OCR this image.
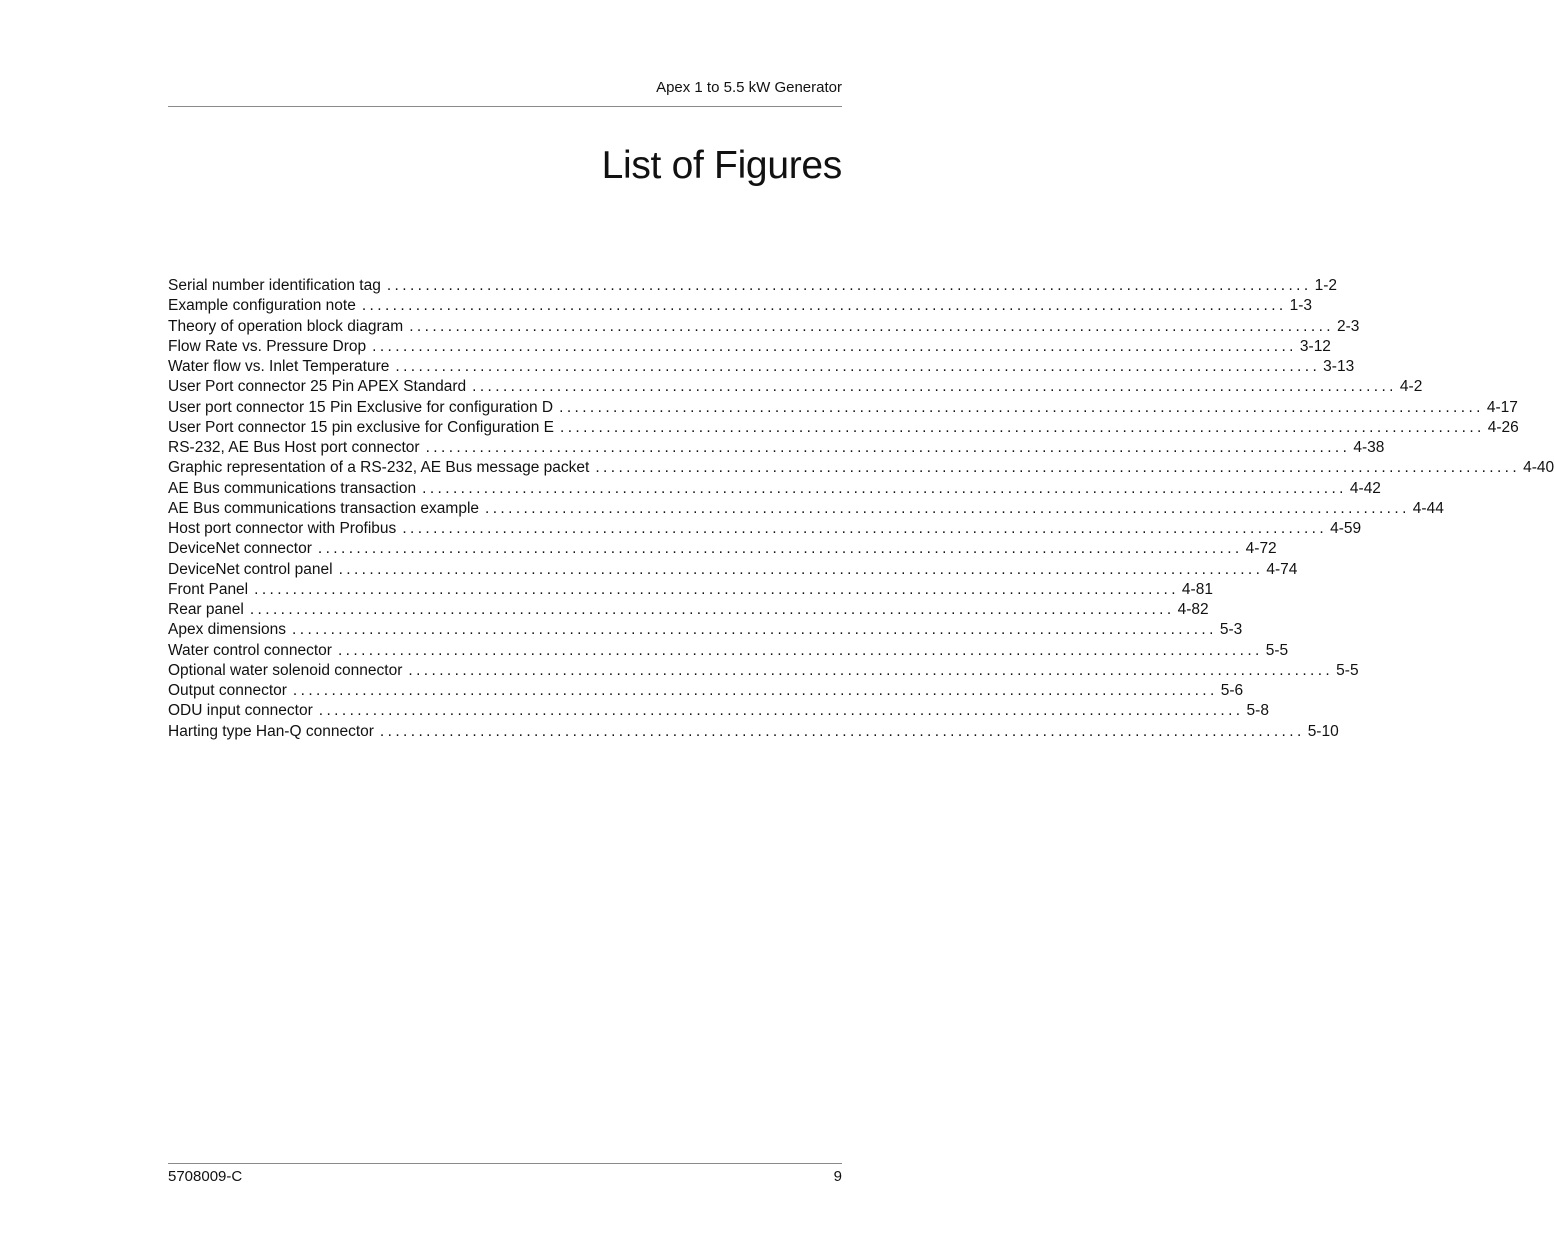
Apex 1 to 5.5 kW Generator
List of Figures
Serial number identification tag ........................................................................................................................ 1-2
Example configuration note ........................................................................................................................ 1-3
Theory of operation block diagram ........................................................................................................................ 2-3
Flow Rate vs. Pressure Drop ........................................................................................................................ 3-12
Water flow vs. Inlet Temperature ........................................................................................................................ 3-13
User Port connector 25 Pin APEX Standard ........................................................................................................................ 4-2
User port connector 15 Pin Exclusive for configuration D ........................................................................................................................ 4-17
User Port connector 15 pin exclusive for Configuration E ........................................................................................................................ 4-26
RS-232, AE Bus Host port connector ........................................................................................................................ 4-38
Graphic representation of a RS-232, AE Bus message packet ........................................................................................................................ 4-40
AE Bus communications transaction ........................................................................................................................ 4-42
AE Bus communications transaction example ........................................................................................................................ 4-44
Host port connector with Profibus ........................................................................................................................ 4-59
DeviceNet connector ........................................................................................................................ 4-72
DeviceNet control panel ........................................................................................................................ 4-74
Front Panel ........................................................................................................................ 4-81
Rear panel ........................................................................................................................ 4-82
Apex dimensions ........................................................................................................................ 5-3
Water control connector ........................................................................................................................ 5-5
Optional water solenoid connector ........................................................................................................................ 5-5
Output connector ........................................................................................................................ 5-6
ODU input connector ........................................................................................................................ 5-8
Harting type Han-Q connector ........................................................................................................................ 5-10
5708009-C	9
